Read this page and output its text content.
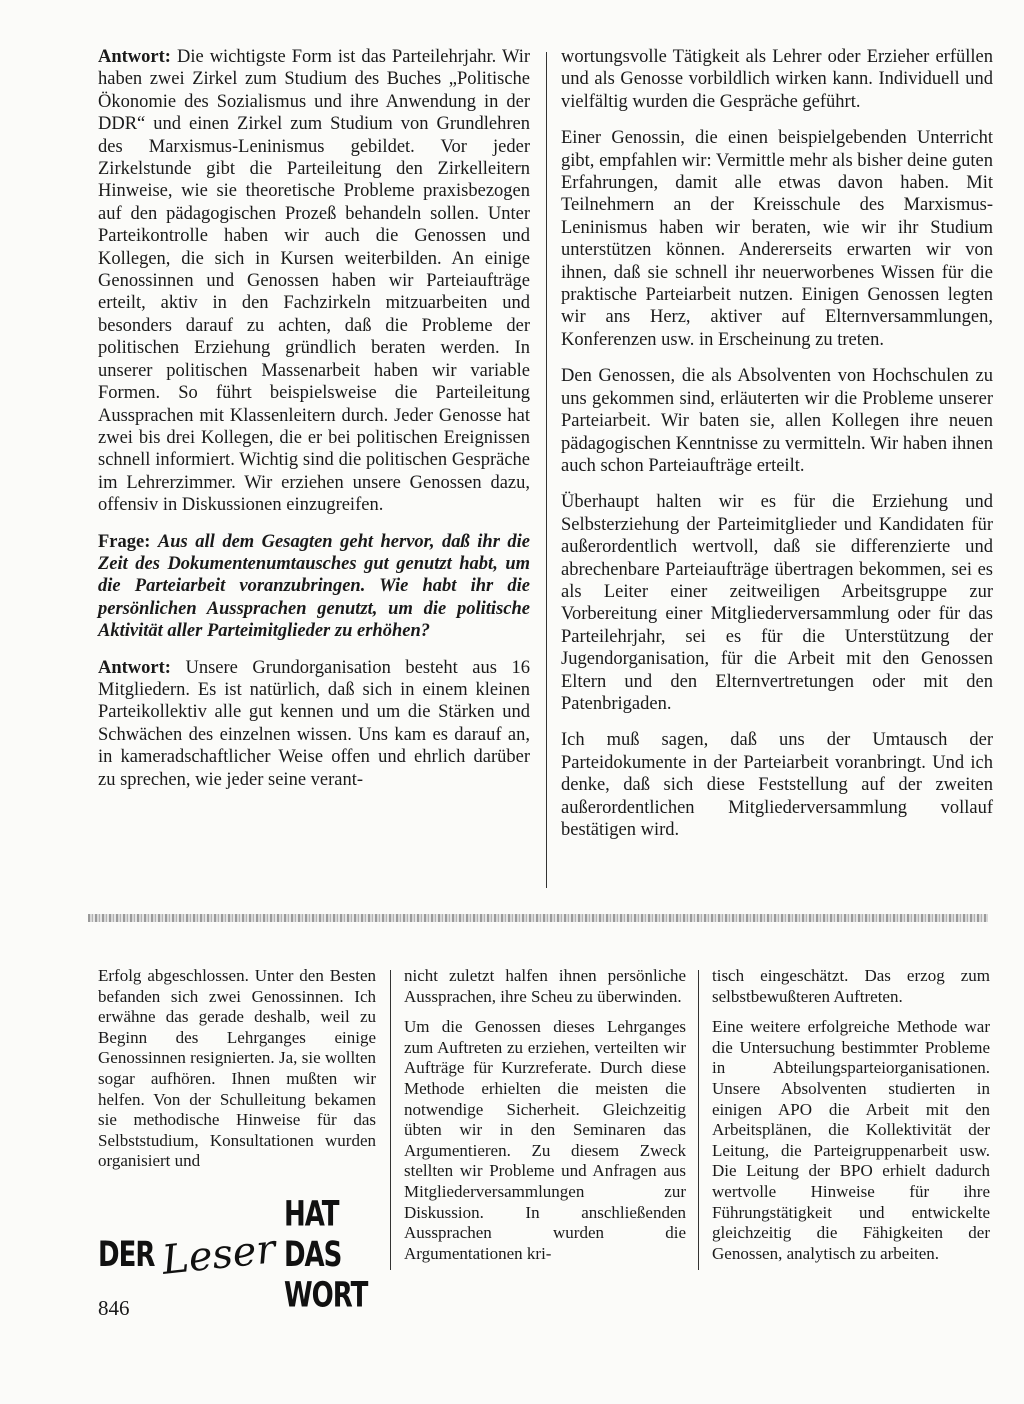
Antwort: Die wichtigste Form ist das Parteilehrjahr. Wir haben zwei Zirkel zum Studium des Buches „Politische Ökonomie des Sozialismus und ihre Anwendung in der DDR“ und einen Zirkel zum Studium von Grundlehren des Marxismus-Leninismus gebildet. Vor jeder Zirkelstunde gibt die Parteileitung den Zirkelleitern Hinweise, wie sie theoretische Probleme praxisbezogen auf den pädagogischen Prozeß behandeln sollen. Unter Parteikontrolle haben wir auch die Genossen und Kollegen, die sich in Kursen weiterbilden. An einige Genossinnen und Genossen haben wir Parteiaufträge erteilt, aktiv in den Fachzirkeln mitzuarbeiten und besonders darauf zu achten, daß die Probleme der politischen Erziehung gründlich beraten werden. In unserer politischen Massenarbeit haben wir variable Formen. So führt beispielsweise die Parteileitung Aussprachen mit Klassenleitern durch. Jeder Genosse hat zwei bis drei Kollegen, die er bei politischen Ereignissen schnell informiert. Wichtig sind die politischen Gespräche im Lehrerzimmer. Wir erziehen unsere Genossen dazu, offensiv in Diskussionen einzugreifen.

Frage: Aus all dem Gesagten geht hervor, daß ihr die Zeit des Dokumentenumtausches gut genutzt habt, um die Parteiarbeit voranzubringen. Wie habt ihr die persönlichen Aussprachen genutzt, um die politische Aktivität aller Parteimitglieder zu erhöhen?

Antwort: Unsere Grundorganisation besteht aus 16 Mitgliedern. Es ist natürlich, daß sich in einem kleinen Parteikollektiv alle gut kennen und um die Stärken und Schwächen des einzelnen wissen. Uns kam es darauf an, in kameradschaftlicher Weise offen und ehrlich darüber zu sprechen, wie jeder seine verant-

wortungsvolle Tätigkeit als Lehrer oder Erzieher erfüllen und als Genosse vorbildlich wirken kann. Individuell und vielfältig wurden die Gespräche geführt.

Einer Genossin, die einen beispielgebenden Unterricht gibt, empfahlen wir: Vermittle mehr als bisher deine guten Erfahrungen, damit alle etwas davon haben. Mit Teilnehmern an der Kreisschule des Marxismus-Leninismus haben wir beraten, wie wir ihr Studium unterstützen können. Andererseits erwarten wir von ihnen, daß sie schnell ihr neuerworbenes Wissen für die praktische Parteiarbeit nutzen. Einigen Genossen legten wir ans Herz, aktiver auf Elternversammlungen, Konferenzen usw. in Erscheinung zu treten.

Den Genossen, die als Absolventen von Hochschulen zu uns gekommen sind, erläuterten wir die Probleme unserer Parteiarbeit. Wir baten sie, allen Kollegen ihre neuen pädagogischen Kenntnisse zu vermitteln. Wir haben ihnen auch schon Parteiaufträge erteilt.

Überhaupt halten wir es für die Erziehung und Selbsterziehung der Parteimitglieder und Kandidaten für außerordentlich wertvoll, daß sie differenzierte und abrechenbare Parteiaufträge übertragen bekommen, sei es als Leiter einer zeitweiligen Arbeitsgruppe zur Vorbereitung einer Mitgliederversammlung oder für das Parteilehrjahr, sei es für die Unterstützung der Jugendorganisation, für die Arbeit mit den Genossen Eltern und den Elternvertretungen oder mit den Patenbrigaden.

Ich muß sagen, daß uns der Umtausch der Parteidokumente in der Parteiarbeit voranbringt. Und ich denke, daß sich diese Feststellung auf der zweiten außerordentlichen Mitgliederversammlung vollauf bestätigen wird.

Erfolg abgeschlossen. Unter den Besten befanden sich zwei Genossinnen. Ich erwähne das gerade deshalb, weil zu Beginn des Lehrganges einige Genossinnen resignierten. Ja, sie wollten sogar aufhören. Ihnen mußten wir helfen. Von der Schulleitung bekamen sie methodische Hinweise für das Selbststudium, Konsultationen wurden organisiert und

nicht zuletzt halfen ihnen persönliche Aussprachen, ihre Scheu zu überwinden.

Um die Genossen dieses Lehrganges zum Auftreten zu erziehen, verteilten wir Aufträge für Kurzreferate. Durch diese Methode erhielten die meisten die notwendige Sicherheit. Gleichzeitig übten wir in den Seminaren das Argumentieren. Zu diesem Zweck stellten wir Probleme und Anfragen aus Mitgliederversammlungen zur Diskussion. In anschließenden Aussprachen wurden die Argumentationen kri-

tisch eingeschätzt. Das erzog zum selbstbewußteren Auftreten.

Eine weitere erfolgreiche Methode war die Untersuchung bestimmter Probleme in Abteilungsparteiorganisationen. Unsere Absolventen studierten in einigen APO die Arbeit mit den Arbeitsplänen, die Kollektivität der Leitung, die Parteigruppenarbeit usw. Die Leitung der BPO erhielt dadurch wertvolle Hinweise für ihre Führungstätigkeit und entwickelte gleichzeitig die Fähigkeiten der Genossen, analytisch zu arbeiten.

DER Leser
HAT DAS WORT
846
